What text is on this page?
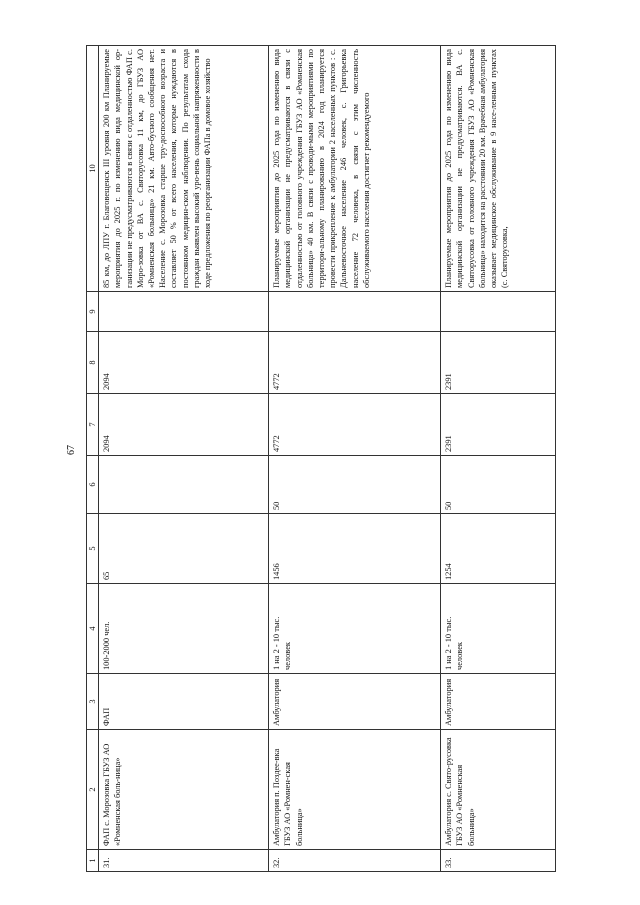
67
1	2	3	4	5	6	7	8	9	10
31.	ФАП с. Морозовка ГБУЗ АО «Ромненская боль-ница»	ФАП	100-2000 чел.	65		2094	2094		85 км, до ЛПУ г. Благовещенск III уровня 200 км Планируемые мероприятия до 2025 г. по изменению вида медицинской ор-ганизации не предусматриваются в связи с отдаленностью ФАП с. Моро-зовка от ВА с. Святорусовка 11 км, до ГБУЗ АО «Ромненская больница» 21 км. Авто-бусного сообщения нет. Население с. Морозовка старше тру-доспособного возраста и составляет 50 % от всего населения, которые нуждаются в постоянном медицин-ском наблюдении. По результатам схода граждан выявлен высокий уро-вень социальной напряженности в ходе предложения по реорганизации ФАПа в домовое хозяйство
32.	Амбулатория п. Поздее-вка ГБУЗ АО «Ромнен-ская больница»	Амбулатория	1 на 2 - 10 тыс. человек	1456	50	4772	4772		Планируемые мероприятия до 2025 года по изменению вида медицинской организации не предусматриваются в связи с отдаленностью от головного учреждения ГБУЗ АО «Ромненская больница» 40 км. В связи с проводи-мыми мероприятиями по территори-альному планированию в 2024 год планируется провести прикрепление к амбулатории 2 населенных пунктов : с. Дальневосточное население 246 человек, с. Григорьевка население 72 человека, в связи с этим численность обслуживаемого населения достигнет рекомендуемого
33.	Амбулатория с. Свято-русовка ГБУЗ АО «Ромненская больница»	Амбулатория	1 на 2 - 10 тыс. человек	1254	50	2391	2391		Планируемые мероприятия до 2025 года по изменению вида медицинской организации не предусматриваются. ВА с. Святорусовка от головного учреждения ГБУЗ АО «Ромненская больница» находится на расстоянии 20 км. Врачебная амбулатория оказывает медицинское обслуживание в 9 насе-ленным пунктах (с. Святорусовка,
